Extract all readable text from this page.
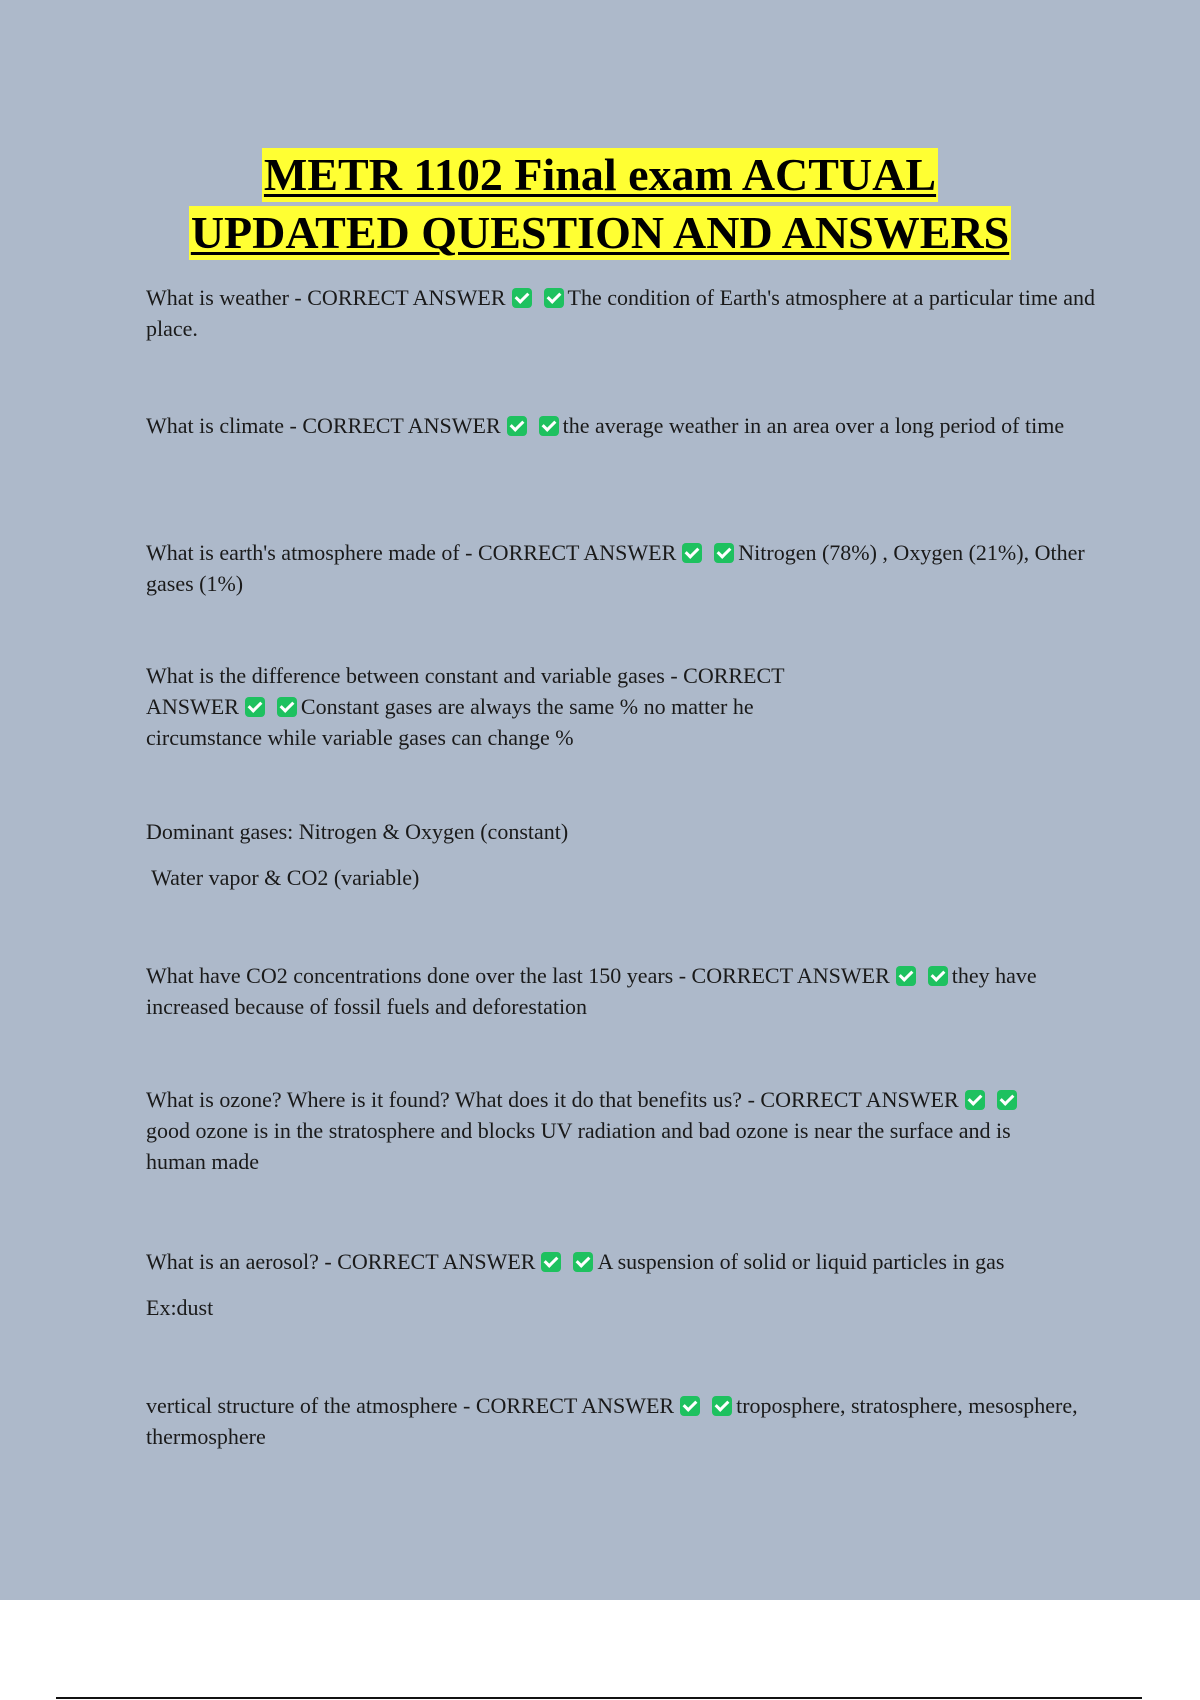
METR 1102 Final exam ACTUAL
UPDATED QUESTION AND ANSWERS

What is weather - CORRECT ANSWER	The condition of Earth's atmosphere at a particular time and place.

What is climate - CORRECT ANSWER	the average weather in an area over a long period of time

What is earth's atmosphere made of - CORRECT ANSWER	Nitrogen (78%) , Oxygen (21%), Other gases (1%)

What is the difference between constant and variable gases - CORRECT ANSWER	Constant gases are always the same % no matter he circumstance while variable gases can change %

Dominant gases: Nitrogen & Oxygen (constant)

Water vapor & CO2 (variable)

What have CO2 concentrations done over the last 150 years - CORRECT ANSWER	they have increased because of fossil fuels and deforestation

What is ozone? Where is it found? What does it do that benefits us? - CORRECT ANSWERgood ozone is in the stratosphere and blocks UV radiation and bad ozone is near the surface and is human made

What is an aerosol? - CORRECT ANSWER	A suspension of solid or liquid particles in gas

Ex:dust

vertical structure of the atmosphere - CORRECT ANSWER	troposphere, stratosphere, mesosphere, thermosphere
